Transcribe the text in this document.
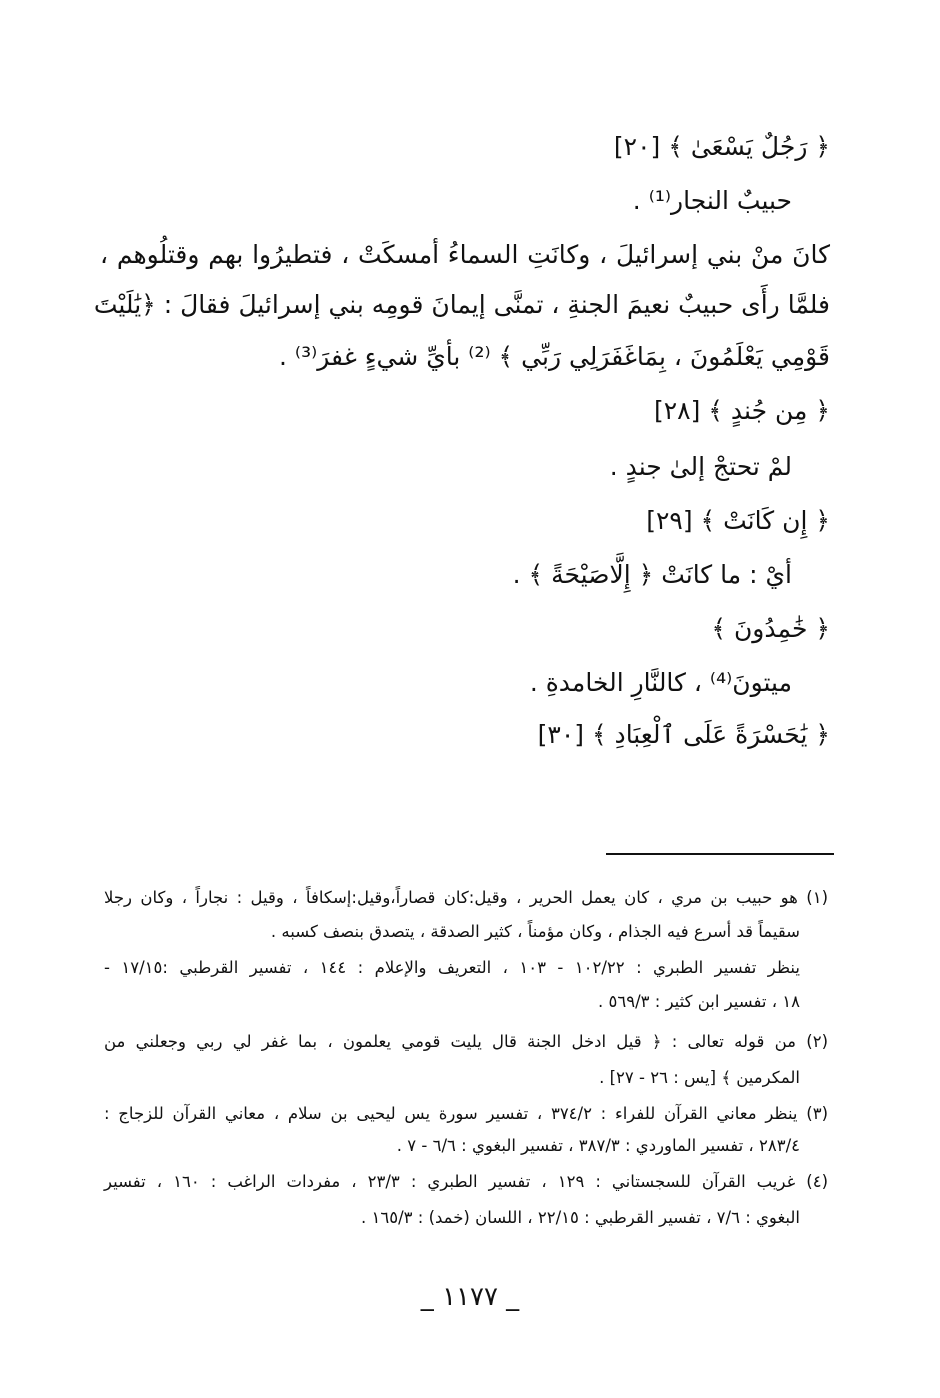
﴿ رَجُلٌ يَسْعَىٰ ﴾ [٢٠]
حبيبٌ النجار⁽¹⁾ .
كانَ منْ بني إسرائيلَ ، وكانَتِ السماءُ أمسكَتْ ، فتطيرُوا بهم وقتلُوهم ،
فلمَّا رأَى حبيبٌ نعيمَ الجنةِ ، تمنَّى إيمانَ قومِه بني إسرائيلَ فقالَ : ﴿يَٰلَيْتَ
قَوْمِي يَعْلَمُونَ ، بِمَاغَفَرَلِي رَبِّي ﴾ ⁽²⁾ بأيِّ شيءٍ غفرَ⁽³⁾ .
﴿ مِن جُندٍ ﴾ [٢٨]
لمْ تحتجْ إلىٰ جندٍ .
﴿ إِن كَانَتْ ﴾ [٢٩]
أيْ : ما كانَتْ ﴿ إِلَّاصَيْحَةً ﴾ .
﴿ خَٰمِدُونَ ﴾
ميتونَ⁽⁴⁾ ، كالنَّارِ الخامدةِ .
﴿ يَٰحَسْرَةً عَلَى ٱلْعِبَادِ ﴾ [٣٠]
(١) هو حبيب بن مري ، كان يعمل الحرير ، وقيل:كان قصاراً،وقيل:إسكافاً ، وقيل : نجاراً ، وكان رجلا
سقيماً قد أسرع فيه الجذام ، وكان مؤمناً ، كثير الصدقة ، يتصدق بنصف كسبه .
ينظر تفسير الطبري : ١٠٢/٢٢ - ١٠٣ ، التعريف والإعلام : ١٤٤ ، تفسير القرطبي :١٧/١٥ -
١٨ ، تفسير ابن كثير : ٥٦٩/٣ .
(٢) من قوله تعالى : ﴿ قيل ادخل الجنة قال يليت قومي يعلمون ، بما غفر لي ربي وجعلني من
المكرمين ﴾ [يس : ٢٦ - ٢٧] .
(٣) ينظر معاني القرآن للفراء : ٣٧٤/٢ ، تفسير سورة يس ليحيى بن سلام ، معاني القرآن للزجاج :
٢٨٣/٤ ، تفسير الماوردي : ٣٨٧/٣ ، تفسير البغوي : ٦/٦ - ٧ .
(٤) غريب القرآن للسجستاني : ١٢٩ ، تفسير الطبري : ٢٣/٣ ، مفردات الراغب : ١٦٠ ، تفسير
البغوي : ٧/٦ ، تفسير القرطبي : ٢٢/١٥ ، اللسان (خمد) : ١٦٥/٣ .
_ ١١٧٧ _
